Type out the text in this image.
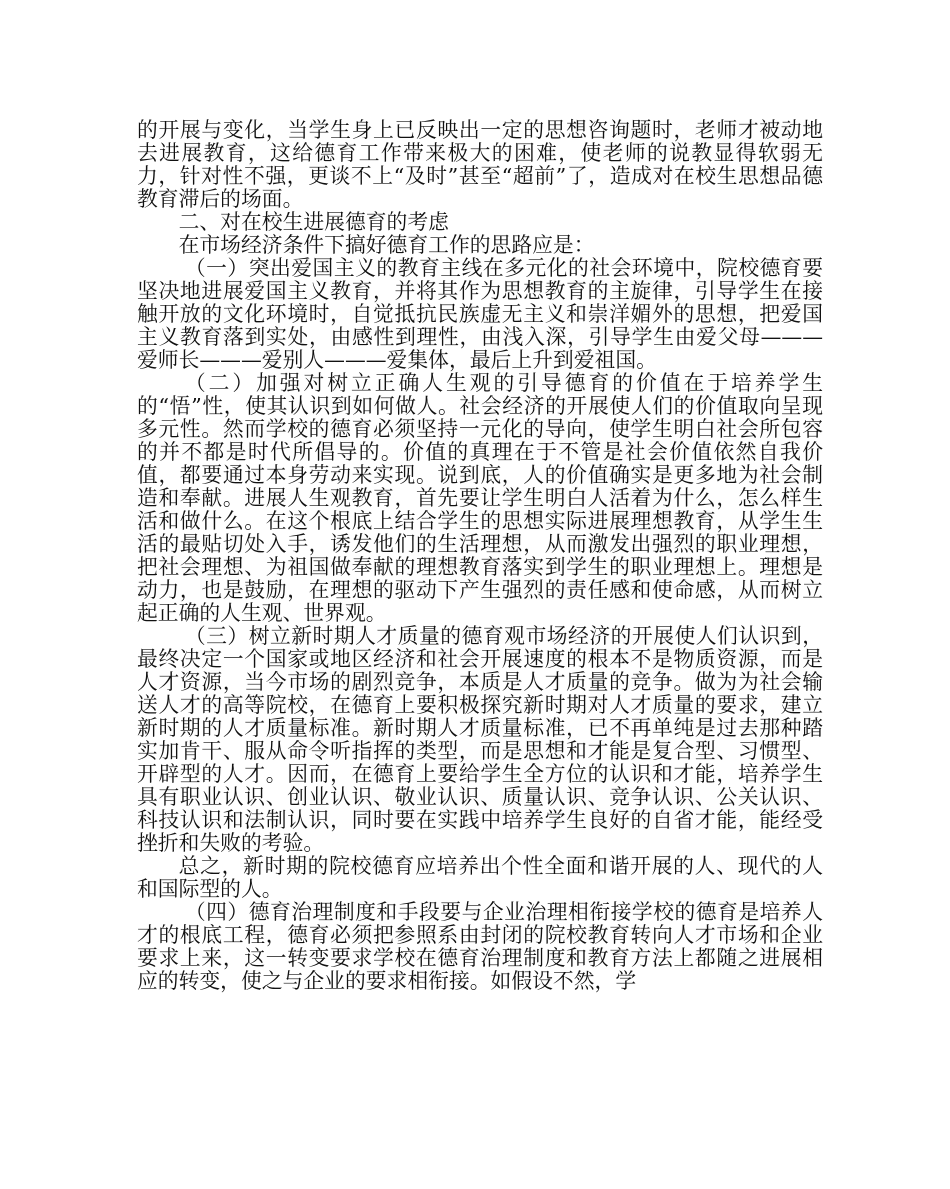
的开展与变化，当学生身上已反映出一定的思想咨询题时，老师才被动地去进展教育，这给德育工作带来极大的困难，使老师的说教显得软弱无力，针对性不强，更谈不上“及时”甚至“超前”了，造成对在校生思想品德教育滞后的场面。

二、对在校生进展德育的考虑

在市场经济条件下搞好德育工作的思路应是：

（一）突出爱国主义的教育主线在多元化的社会环境中，院校德育要坚决地进展爱国主义教育，并将其作为思想教育的主旋律，引导学生在接触开放的文化环境时，自觉抵抗民族虚无主义和崇洋媚外的思想，把爱国主义教育落到实处，由感性到理性，由浅入深，引导学生由爱父母———爱师长———爱别人———爱集体，最后上升到爱祖国。

（二）加强对树立正确人生观的引导德育的价值在于培养学生的“悟”性，使其认识到如何做人。社会经济的开展使人们的价值取向呈现多元性。然而学校的德育必须坚持一元化的导向，使学生明白社会所包容的并不都是时代所倡导的。价值的真理在于不管是社会价值依然自我价值，都要通过本身劳动来实现。说到底，人的价值确实是更多地为社会制造和奉献。进展人生观教育，首先要让学生明白人活着为什么，怎么样生活和做什么。在这个根底上结合学生的思想实际进展理想教育，从学生生活的最贴切处入手，诱发他们的生活理想，从而激发出强烈的职业理想，把社会理想、为祖国做奉献的理想教育落实到学生的职业理想上。理想是动力，也是鼓励，在理想的驱动下产生强烈的责任感和使命感，从而树立起正确的人生观、世界观。

（三）树立新时期人才质量的德育观市场经济的开展使人们认识到，最终决定一个国家或地区经济和社会开展速度的根本不是物质资源，而是人才资源，当今市场的剧烈竞争，本质是人才质量的竞争。做为为社会输送人才的高等院校，在德育上要积极探究新时期对人才质量的要求，建立新时期的人才质量标准。新时期人才质量标准，已不再单纯是过去那种踏实加肯干、服从命令听指挥的类型，而是思想和才能是复合型、习惯型、开辟型的人才。因而，在德育上要给学生全方位的认识和才能，培养学生具有职业认识、创业认识、敬业认识、质量认识、竞争认识、公关认识、科技认识和法制认识，同时要在实践中培养学生良好的自省才能，能经受挫折和失败的考验。

总之，新时期的院校德育应培养出个性全面和谐开展的人、现代的人和国际型的人。

（四）德育治理制度和手段要与企业治理相衔接学校的德育是培养人才的根底工程，德育必须把参照系由封闭的院校教育转向人才市场和企业要求上来，这一转变要求学校在德育治理制度和教育方法上都随之进展相应的转变，使之与企业的要求相衔接。如假设不然，学
